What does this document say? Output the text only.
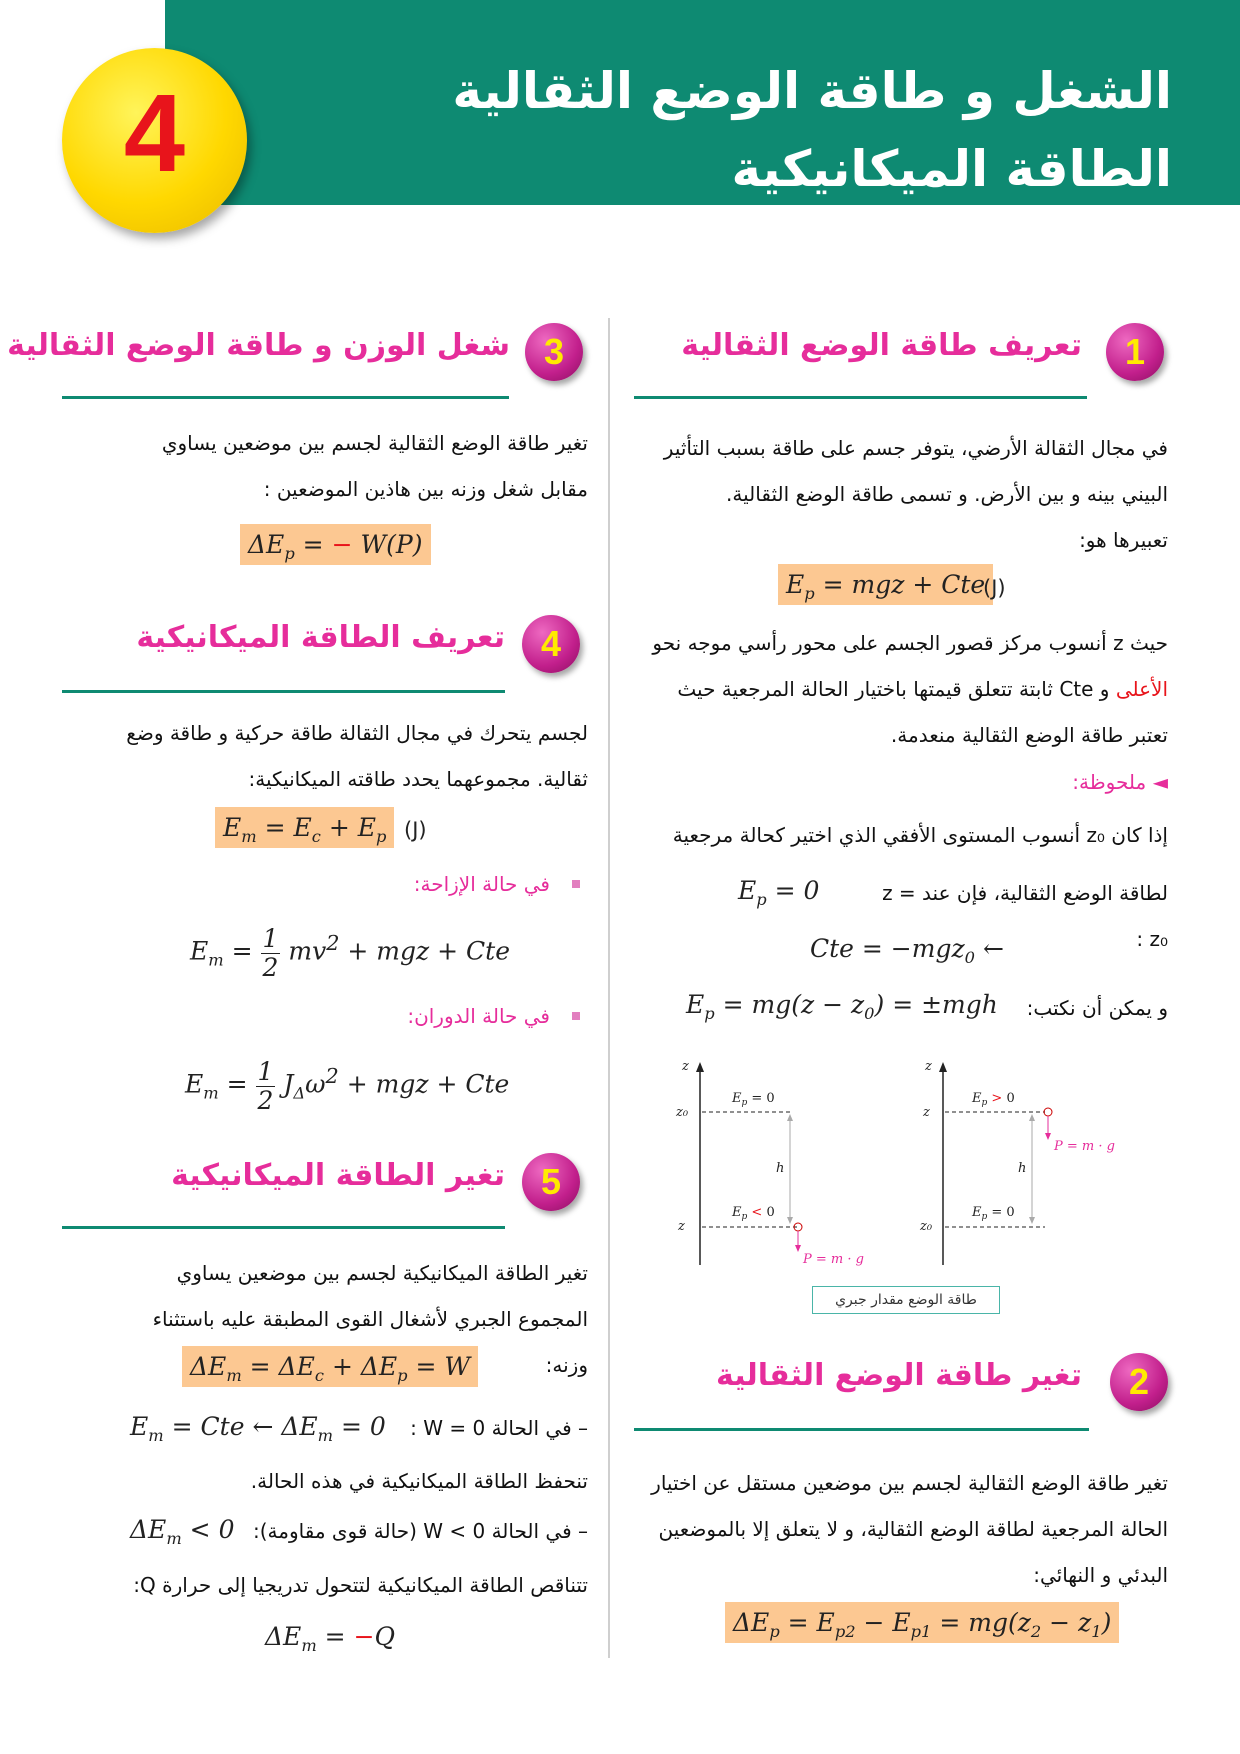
الشغل و طاقة الوضع الثقالية
الطاقة الميكانيكية
4
1
تعريف طاقة الوضع الثقالية
في مجال الثقالة الأرضي، يتوفر جسم على طاقة بسبب التأثير البيني بينه و بين الأرض. و تسمى طاقة الوضع الثقالية.
تعبيرها هو:
$E_p$ = mgz + Cte
(J)
حيث z أنسوب مركز قصور الجسم على محور رأسي موجه نحو الأعلى و Cte ثابتة تتعلق قيمتها باختيار الحالة المرجعية حيث تعتبر طاقة الوضع الثقالية منعدمة.
◄ ملحوظة:
إذا كان z₀ أنسوب المستوى الأفقي الذي اختير كحالة مرجعية
لطاقة الوضع الثقالية، فإن عند z = z₀ :
$E_p = 0$
Cte = −mgz$_0$ ←
و يمكن أن نكتب:
$E_p = mg(z - z_0) = \pm mgh$
z
z₀
z
$E_p = 0$
$E_p < 0$
h
P = m · g
z
z
z₀
$E_p > 0$
$E_p = 0$
h
P = m · g
طاقة الوضع مقدار جبري
2
تغير طاقة الوضع الثقالية
تغير طاقة الوضع الثقالية لجسم بين موضعين مستقل عن اختيار الحالة المرجعية لطاقة الوضع الثقالية، و لا يتعلق إلا بالموضعين البدئي و النهائي:
$\Delta E_p = E_{p2} - E_{p1} = mg(z_2 - z_1)$
3
شغل الوزن و طاقة الوضع الثقالية
تغير طاقة الوضع الثقالية لجسم بين موضعين يساوي مقابل شغل وزنه بين هاذين الموضعين :
$\Delta E_p$ = − W(P)
4
تعريف الطاقة الميكانيكية
لجسم يتحرك في مجال الثقالة طاقة حركية و طاقة وضع ثقالية. مجموعهما يحدد طاقته الميكانيكية:
$E_m = E_c + E_p$ (J)
في حالة الإزاحة:
$E_m = 1$
2 $mv^2$ + mgz + Cte
في حالة الدوران:
$E_m = 1$
2 $J_\Delta\omega^2$ + mgz + Cte
5
تغير الطاقة الميكانيكية
تغير الطاقة الميكانيكية لجسم بين موضعين يساوي المجموع الجبري لأشغال القوى المطبقة عليه باستثناء وزنه:
$\Delta E_m = \Delta E_c + \Delta E_p = W$
– في الحالة W = 0 :
$E_m$ = Cte ← $\Delta E_m = 0$
تنحفظ الطاقة الميكانيكية في هذه الحالة.
– في الحالة W < 0 (حالة قوى مقاومة):
$\Delta E_m < 0$
تتناقص الطاقة الميكانيكية لتتحول تدريجيا إلى حرارة Q:
$\Delta E_m = -Q$
